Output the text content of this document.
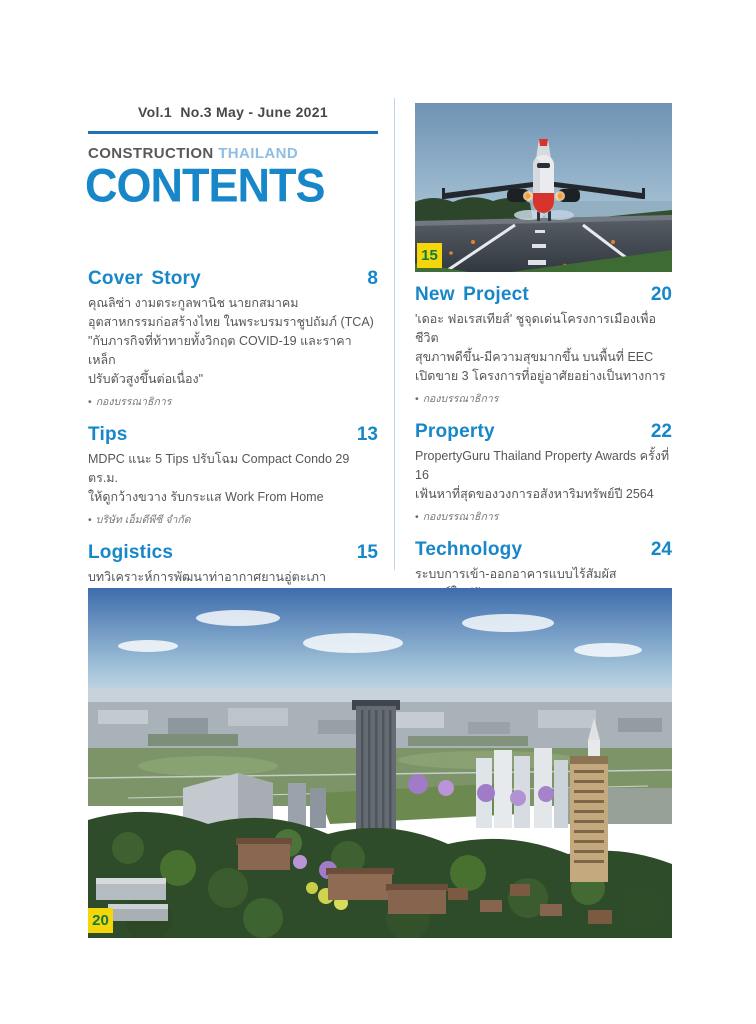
Vol.1  No.3 May - June 2021
CONSTRUCTION THAILAND
CONTENTS
15
Cover Story	8
คุณลิซ่า งามตระกูลพานิช นายกสมาคม
อุตสาหกรรมก่อสร้างไทย ในพระบรมราชูปถัมภ์ (TCA)
"กับภารกิจที่ท้าทายทั้งวิกฤต COVID-19 และราคาเหล็ก
ปรับตัวสูงขึ้นต่อเนื่อง"
• กองบรรณาธิการ
Tips	13
MDPC แนะ 5 Tips ปรับโฉม Compact Condo 29 ตร.ม.
ให้ดูกว้างขวาง รับกระแส Work From Home
• บริษัท เอ็มดีพีซี จำกัด
Logistics	15
บทวิเคราะห์การพัฒนาท่าอากาศยานอู่ตะเภา
New Project	20
'เดอะ ฟอเรสเทียส์' ชูจุดเด่นโครงการเมืองเพื่อชีวิต
สุขภาพดีขึ้น-มีความสุขมากขึ้น บนพื้นที่ EEC
เปิดขาย 3 โครงการที่อยู่อาศัยอย่างเป็นทางการ
• กองบรรณาธิการ
Property	22
PropertyGuru Thailand Property Awards ครั้งที่ 16
เฟ้นหาที่สุดของวงการอสังหาริมทรัพย์ปี 2564
• กองบรรณาธิการ
Technology	24
ระบบการเข้า-ออกอาคารแบบไร้สัมผัส
20
